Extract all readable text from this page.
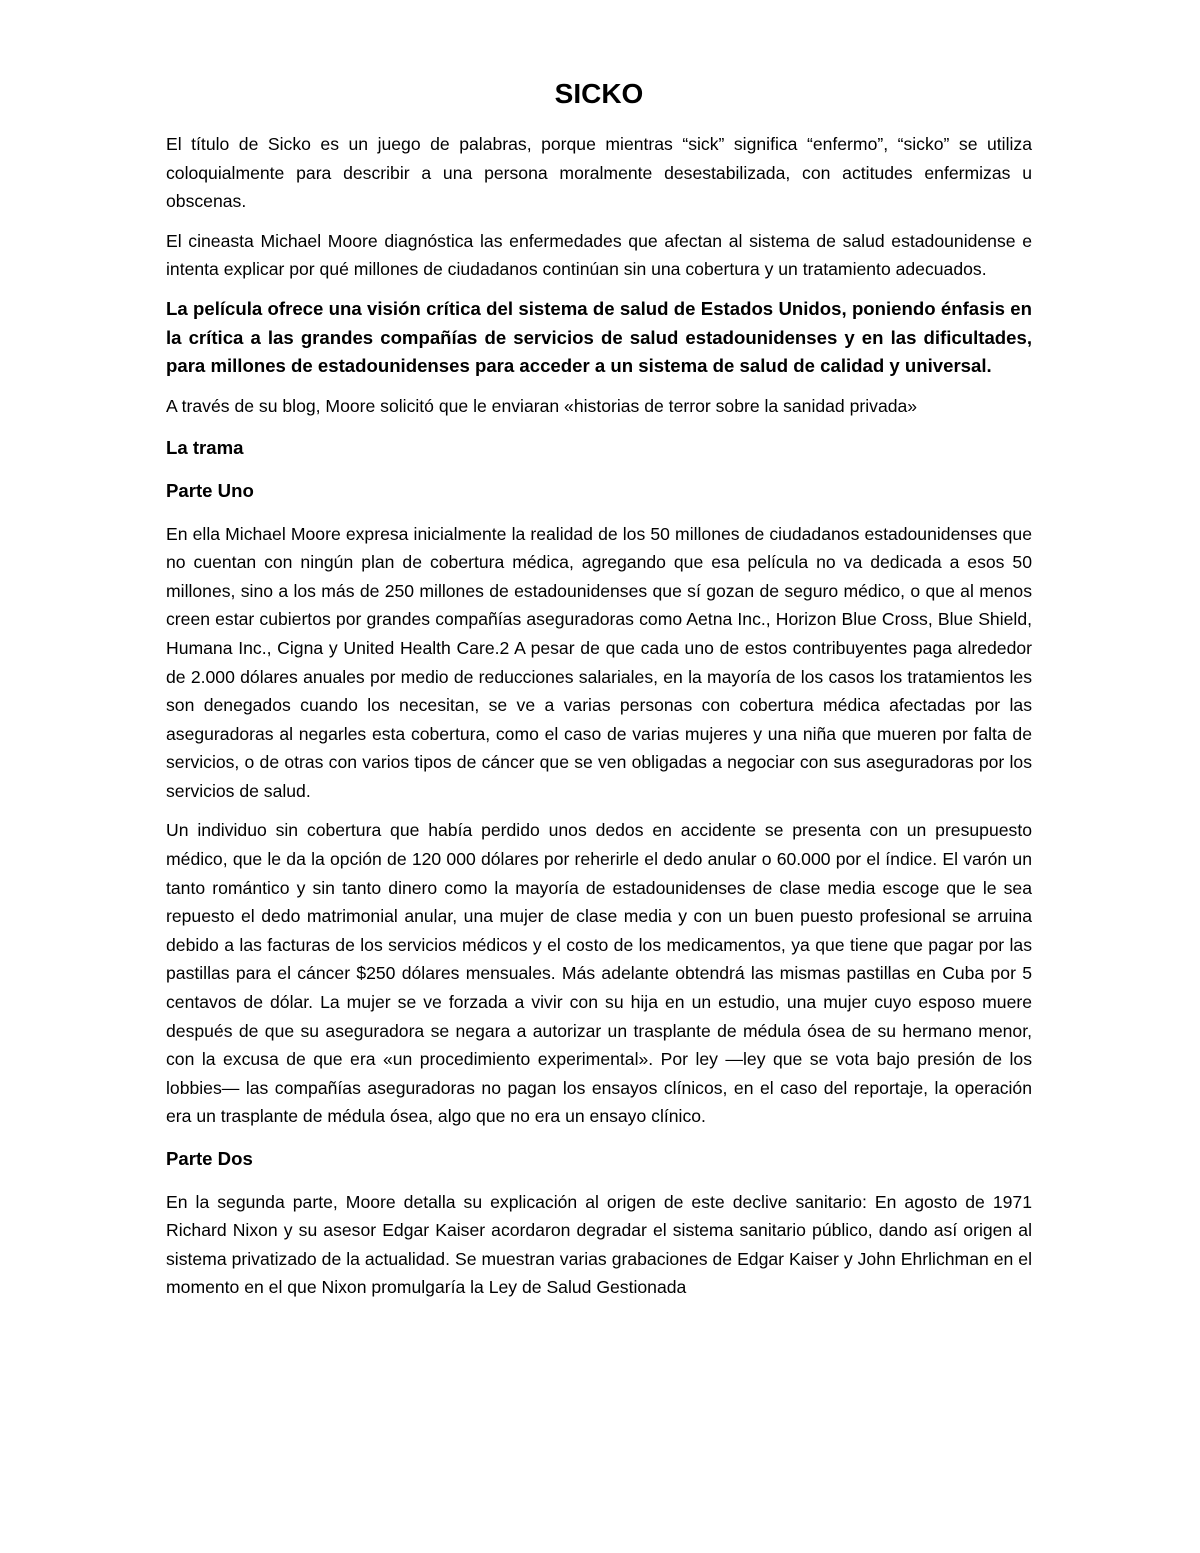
SICKO

El título de Sicko es un juego de palabras, porque mientras “sick” significa “enfermo”, “sicko” se utiliza coloquialmente para describir a una persona moralmente desestabilizada, con actitudes enfermizas u obscenas.

El cineasta Michael Moore diagnóstica las enfermedades que afectan al sistema de salud estadounidense e intenta explicar por qué millones de ciudadanos continúan sin una cobertura y un tratamiento adecuados.

La película ofrece una visión crítica del sistema de salud de Estados Unidos, poniendo énfasis en la crítica a las grandes compañías de servicios de salud estadounidenses y en las dificultades, para millones de estadounidenses para acceder a un sistema de salud de calidad y universal.

A través de su blog, Moore solicitó que le enviaran «historias de terror sobre la sanidad privada»

La trama
Parte Uno

En ella Michael Moore expresa inicialmente la realidad de los 50 millones de ciudadanos estadounidenses que no cuentan con ningún plan de cobertura médica, agregando que esa película no va dedicada a esos 50 millones, sino a los más de 250 millones de estadounidenses que sí gozan de seguro médico, o que al menos creen estar cubiertos por grandes compañías aseguradoras como Aetna Inc., Horizon Blue Cross, Blue Shield, Humana Inc., Cigna y United Health Care.2 A pesar de que cada uno de estos contribuyentes paga alrededor de 2.000 dólares anuales por medio de reducciones salariales, en la mayoría de los casos los tratamientos les son denegados cuando los necesitan, se ve a varias personas con cobertura médica afectadas por las aseguradoras al negarles esta cobertura, como el caso de varias mujeres y una niña que mueren por falta de servicios, o de otras con varios tipos de cáncer que se ven obligadas a negociar con sus aseguradoras por los servicios de salud.

Un individuo sin cobertura que había perdido unos dedos en accidente se presenta con un presupuesto médico, que le da la opción de 120 000 dólares por reherirle el dedo anular o 60.000 por el índice. El varón un tanto romántico y sin tanto dinero como la mayoría de estadounidenses de clase media escoge que le sea repuesto el dedo matrimonial anular, una mujer de clase media y con un buen puesto profesional se arruina debido a las facturas de los servicios médicos y el costo de los medicamentos, ya que tiene que pagar por las pastillas para el cáncer $250 dólares mensuales. Más adelante obtendrá las mismas pastillas en Cuba por 5 centavos de dólar. La mujer se ve forzada a vivir con su hija en un estudio, una mujer cuyo esposo muere después de que su aseguradora se negara a autorizar un trasplante de médula ósea de su hermano menor, con la excusa de que era «un procedimiento experimental». Por ley —ley que se vota bajo presión de los lobbies— las compañías aseguradoras no pagan los ensayos clínicos, en el caso del reportaje, la operación era un trasplante de médula ósea, algo que no era un ensayo clínico.

Parte Dos

En la segunda parte, Moore detalla su explicación al origen de este declive sanitario: En agosto de 1971 Richard Nixon y su asesor Edgar Kaiser acordaron degradar el sistema sanitario público, dando así origen al sistema privatizado de la actualidad. Se muestran varias grabaciones de Edgar Kaiser y John Ehrlichman en el momento en el que Nixon promulgaría la Ley de Salud Gestionada
